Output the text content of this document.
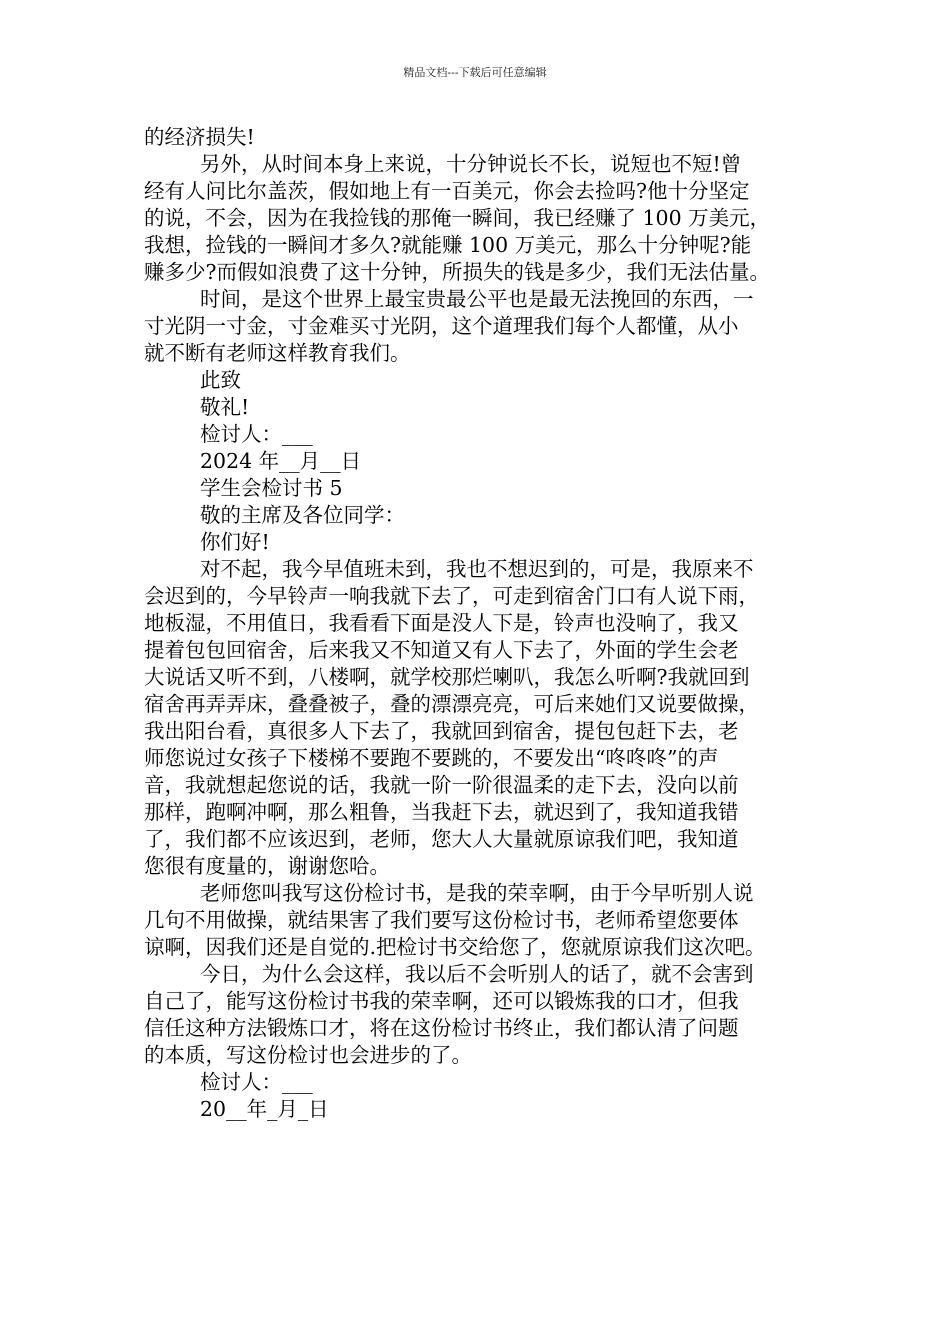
精品文档---下载后可任意编辑
的经济损失!
另外，从时间本身上来说，十分钟说长不长，说短也不短!曾
经有人问比尔盖茨，假如地上有一百美元，你会去捡吗?他十分坚定
的说，不会，因为在我捡钱的那俺一瞬间，我已经赚了 100 万美元，
我想，捡钱的一瞬间才多久?就能赚 100 万美元，那么十分钟呢?能
赚多少?而假如浪费了这十分钟，所损失的钱是多少，我们无法估量。
时间，是这个世界上最宝贵最公平也是最无法挽回的东西，一
寸光阴一寸金，寸金难买寸光阴，这个道理我们每个人都懂，从小
就不断有老师这样教育我们。
此致
敬礼!
检讨人：___
2024 年__月__日
学生会检讨书 5
敬的主席及各位同学：
你们好!
对不起，我今早值班未到，我也不想迟到的，可是，我原来不
会迟到的，今早铃声一响我就下去了，可走到宿舍门口有人说下雨，
地板湿，不用值日，我看看下面是没人下是，铃声也没响了，我又
提着包包回宿舍，后来我又不知道又有人下去了，外面的学生会老
大说话又听不到，八楼啊，就学校那烂喇叭，我怎么听啊?我就回到
宿舍再弄弄床，叠叠被子，叠的漂漂亮亮，可后来她们又说要做操，
我出阳台看，真很多人下去了，我就回到宿舍，提包包赶下去，老
师您说过女孩子下楼梯不要跑不要跳的，不要发出“咚咚咚”的声
音，我就想起您说的话，我就一阶一阶很温柔的走下去，没向以前
那样，跑啊冲啊，那么粗鲁，当我赶下去，就迟到了，我知道我错
了，我们都不应该迟到，老师，您大人大量就原谅我们吧，我知道
您很有度量的，谢谢您哈。
老师您叫我写这份检讨书，是我的荣幸啊，由于今早听别人说
几句不用做操，就结果害了我们要写这份检讨书，老师希望您要体
谅啊，因我们还是自觉的.把检讨书交给您了，您就原谅我们这次吧。
今日，为什么会这样，我以后不会听别人的话了，就不会害到
自己了，能写这份检讨书我的荣幸啊，还可以锻炼我的口才，但我
信任这种方法锻炼口才，将在这份检讨书终止，我们都认清了问题
的本质，写这份检讨也会进步的了。
检讨人：___
20__年_月_日
